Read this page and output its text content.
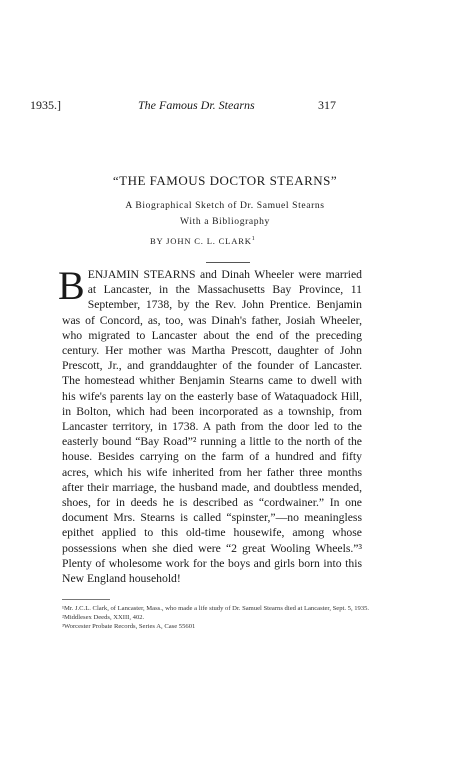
1935.]	The Famous Dr. Stearns	317
“THE FAMOUS DOCTOR STEARNS”
A Biographical Sketch of Dr. Samuel Stearns
With a Bibliography
BY JOHN C. L. CLARK$^1$
BENJAMIN STEARNS and Dinah Wheeler were married at Lancaster, in the Massachusetts Bay Province, 11 September, 1738, by the Rev. John Prentice. Benjamin was of Concord, as, too, was Dinah's father, Josiah Wheeler, who migrated to Lancaster about the end of the preceding century. Her mother was Martha Prescott, daughter of John Prescott, Jr., and granddaughter of the founder of Lancaster. The homestead whither Benjamin Stearns came to dwell with his wife's parents lay on the easterly base of Wataquadock Hill, in Bolton, which had been incorporated as a township, from Lancaster territory, in 1738. A path from the door led to the easterly bound “Bay Road”² running a little to the north of the house. Besides carrying on the farm of a hundred and fifty acres, which his wife inherited from her father three months after their marriage, the husband made, and doubtless mended, shoes, for in deeds he is described as “cordwainer.” In one document Mrs. Stearns is called “spinster,”—no meaningless epithet applied to this old-time housewife, among whose possessions when she died were “2 great Wooling Wheels.”³ Plenty of wholesome work for the boys and girls born into this New England household!

¹Mr. J.C.L. Clark, of Lancaster, Mass., who made a life study of Dr. Samuel Stearns died at Lancaster, Sept. 5, 1935.

²Middlesex Deeds, XXIII, 402.

³Worcester Probate Records, Series A, Case 55601
